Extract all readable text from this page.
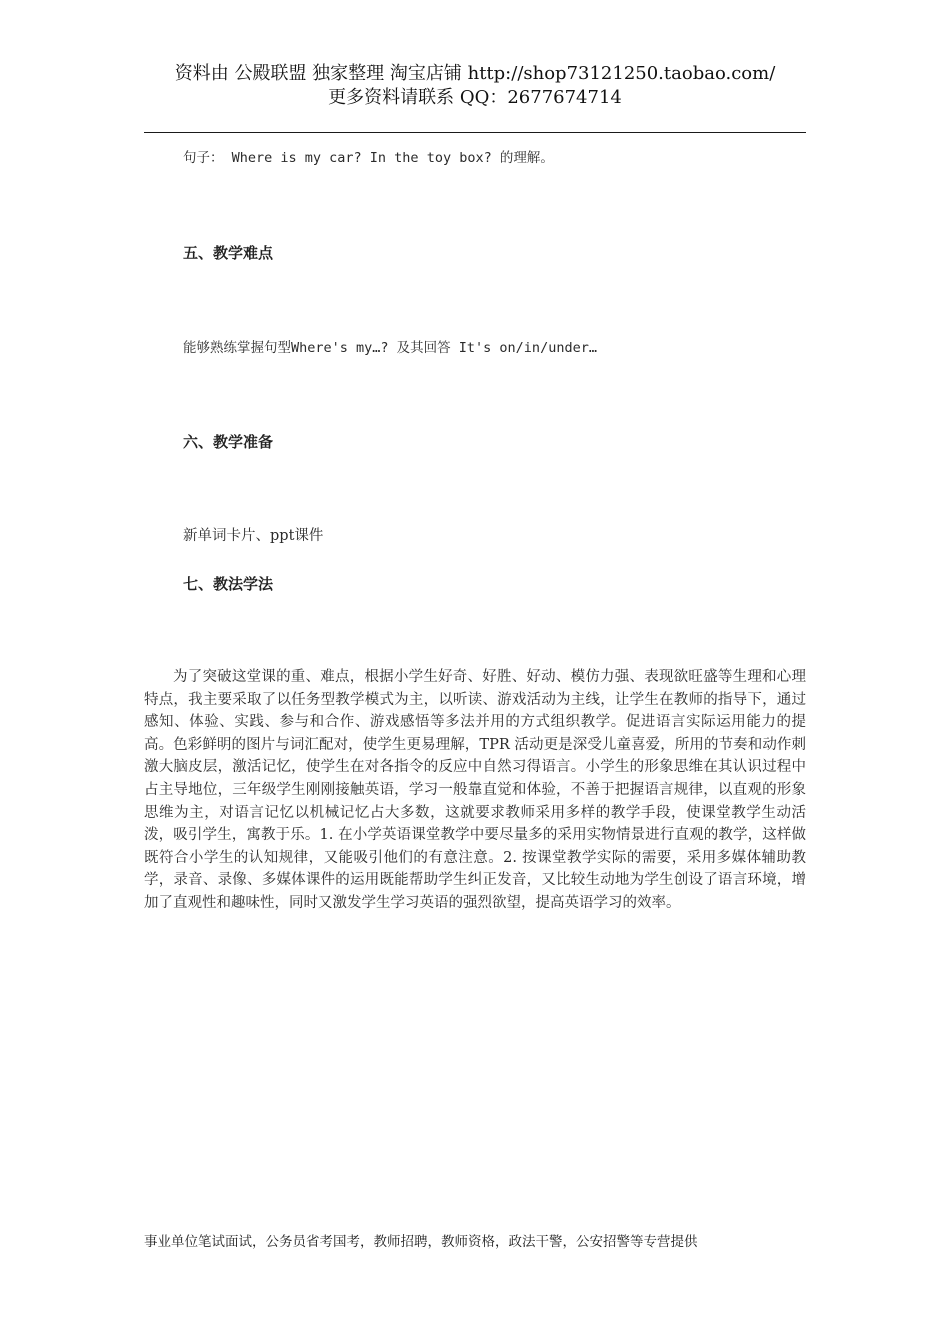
资料由 公殿联盟 独家整理 淘宝店铺 http://shop73121250.taobao.com/
更多资料请联系 QQ：2677674714
句子： Where is my car? In the toy box? 的理解。
五、教学难点
能够熟练掌握句型Where's my…? 及其回答 It's on/in/under…
六、教学准备
新单词卡片、ppt课件
七、教法学法
为了突破这堂课的重、难点，根据小学生好奇、好胜、好动、模仿力强、表现欲旺盛等生理和心理特点，我主要采取了以任务型教学模式为主，以听读、游戏活动为主线，让学生在教师的指导下，通过感知、体验、实践、参与和合作、游戏感悟等多法并用的方式组织教学。促进语言实际运用能力的提高。色彩鲜明的图片与词汇配对，使学生更易理解，TPR 活动更是深受儿童喜爱，所用的节奏和动作刺激大脑皮层，激活记忆，使学生在对各指令的反应中自然习得语言。小学生的形象思维在其认识过程中占主导地位，三年级学生刚刚接触英语，学习一般靠直觉和体验，不善于把握语言规律，以直观的形象思维为主，对语言记忆以机械记忆占大多数，这就要求教师采用多样的教学手段，使课堂教学生动活泼，吸引学生，寓教于乐。1. 在小学英语课堂教学中要尽量多的采用实物情景进行直观的教学，这样做既符合小学生的认知规律，又能吸引他们的有意注意。2. 按课堂教学实际的需要，采用多媒体辅助教学，录音、录像、多媒体课件的运用既能帮助学生纠正发音，又比较生动地为学生创设了语言环境，增加了直观性和趣味性，同时又激发学生学习英语的强烈欲望，提高英语学习的效率。
事业单位笔试面试，公务员省考国考，教师招聘，教师资格，政法干警，公安招警等专营提供
